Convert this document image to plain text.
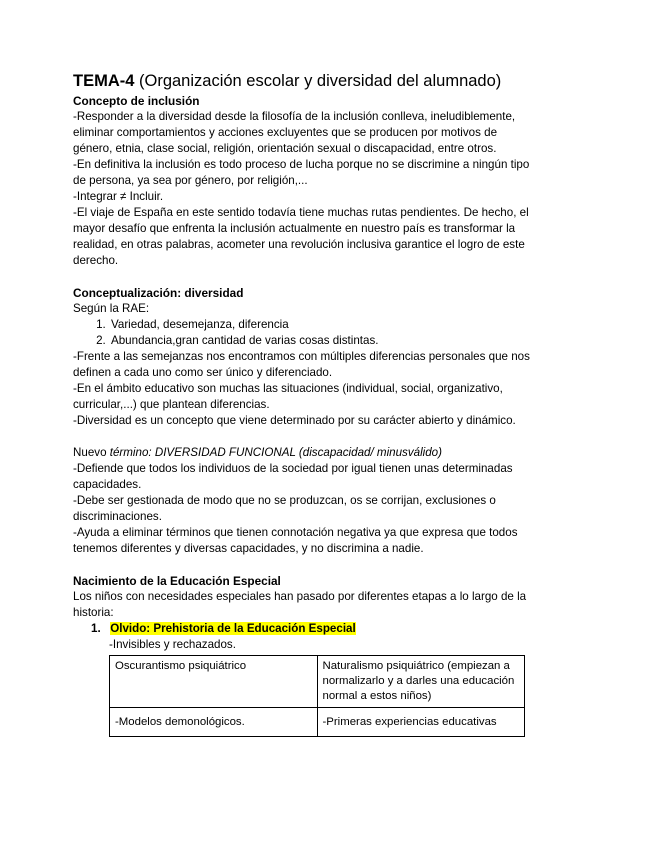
TEMA-4 (Organización escolar y diversidad del alumnado)
Concepto de inclusión

-Responder a la diversidad desde la filosofía de la inclusión conlleva, ineludiblemente, eliminar comportamientos y acciones excluyentes que se producen por motivos de género, etnia, clase social, religión, orientación sexual o discapacidad, entre otros.

-En definitiva la inclusión es todo proceso de lucha porque no se discrimine a ningún tipo de persona, ya sea por género, por religión,...

-Integrar ≠ Incluir.

-El viaje de España en este sentido todavía tiene muchas rutas pendientes. De hecho, el mayor desafío que enfrenta la inclusión actualmente en nuestro país es transformar la realidad, en otras palabras, acometer una revolución inclusiva garantice el logro de este derecho.

Conceptualización: diversidad

Según la RAE:

1. Variedad, desemejanza, diferencia
2. Abundancia,gran cantidad de varias cosas distintas.

-Frente a las semejanzas nos encontramos con múltiples diferencias personales que nos definen a cada uno como ser único y diferenciado.

-En el ámbito educativo son muchas las situaciones (individual, social, organizativo, curricular,...) que plantean diferencias.

-Diversidad es un concepto que viene determinado por su carácter abierto y dinámico.

Nuevo término: DIVERSIDAD FUNCIONAL (discapacidad/ minusválido)

-Defiende que todos los individuos de la sociedad por igual tienen unas determinadas capacidades.

-Debe ser gestionada de modo que no se produzcan, os se corrijan, exclusiones o discriminaciones.

-Ayuda a eliminar términos que tienen connotación negativa ya que expresa que todos tenemos diferentes y diversas capacidades, y no discrimina a nadie.

Nacimiento de la Educación Especial

Los niños con necesidades especiales han pasado por diferentes etapas a lo largo de la historia:

1. Olvido: Prehistoria de la Educación Especial

-Invisibles y rechazados.

Oscurantismo psiquiátrico	Naturalismo psiquiátrico (empiezan a normalizarlo y a darles una educación normal a estos niños)
-Modelos demonológicos.	-Primeras experiencias educativas
